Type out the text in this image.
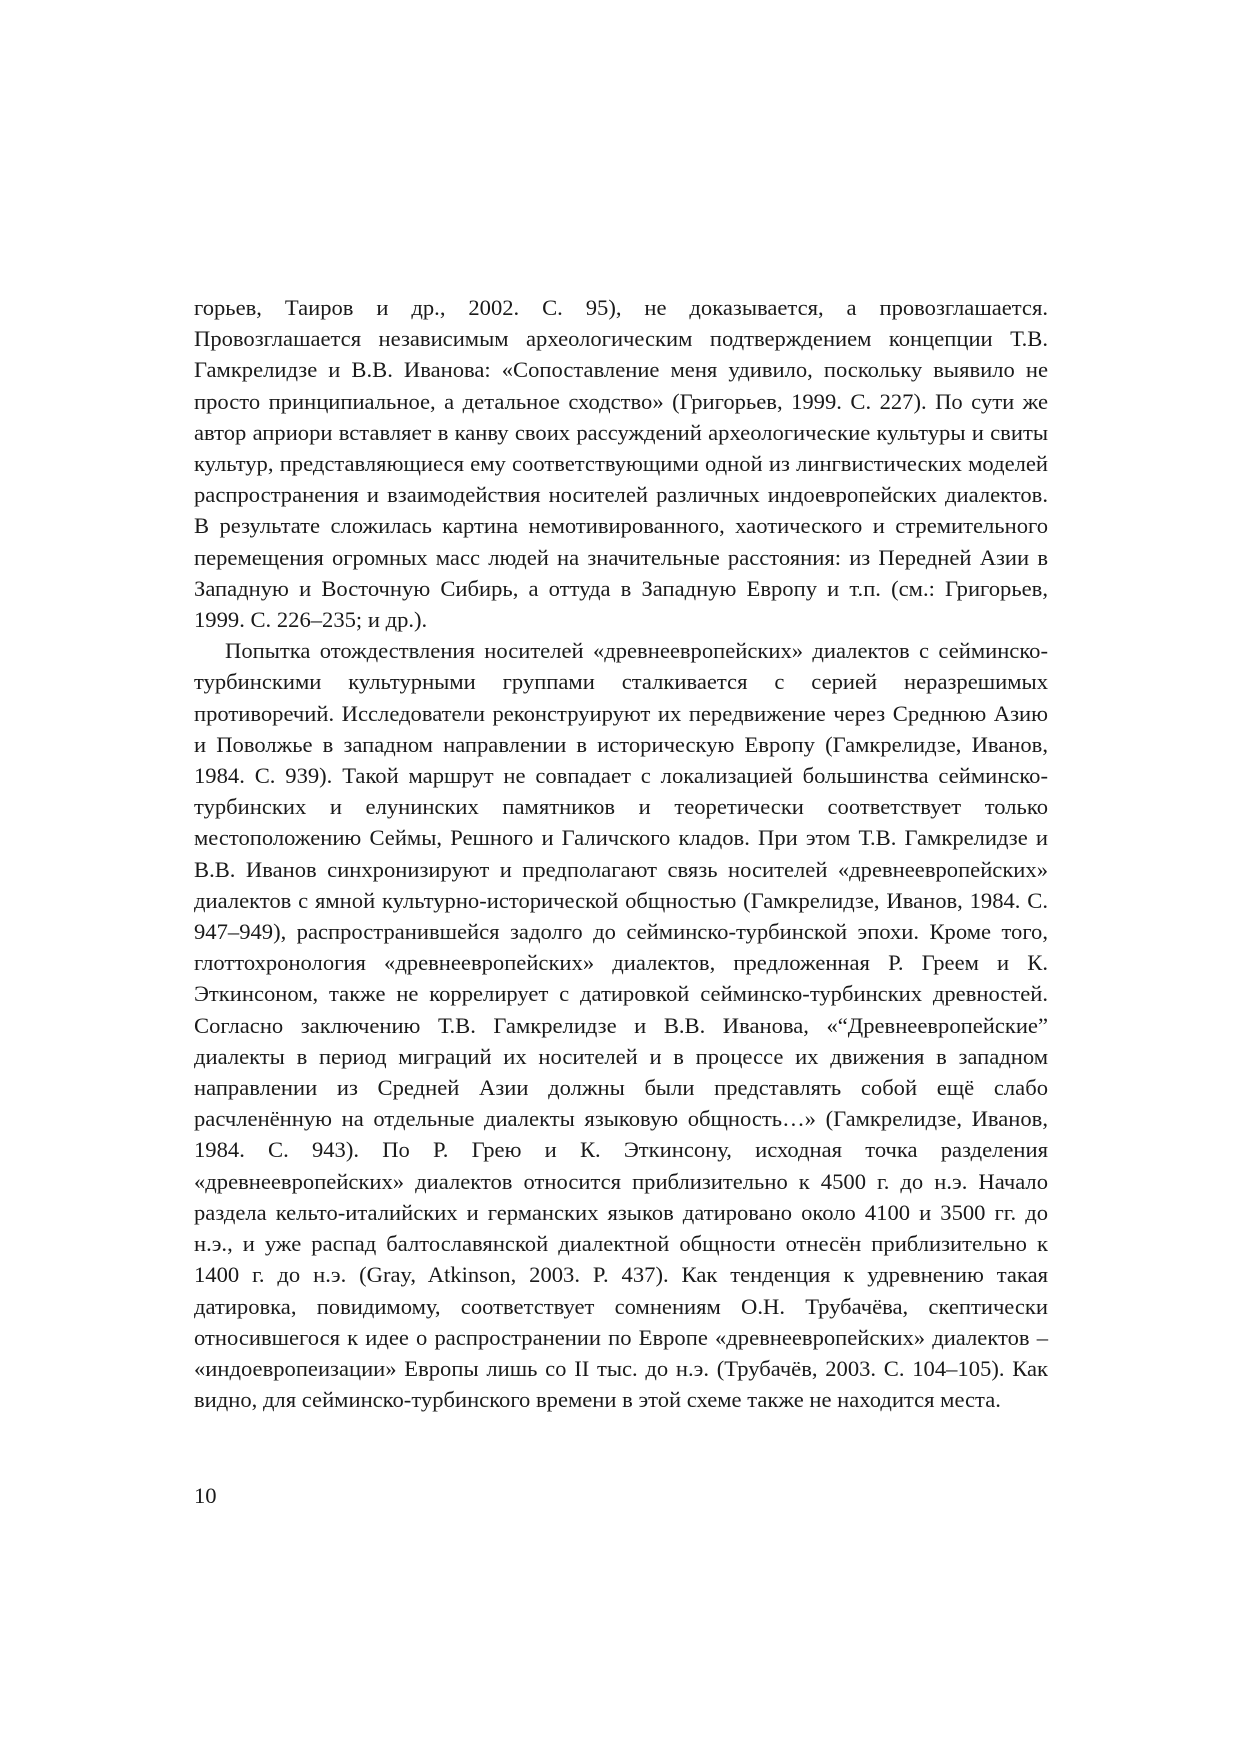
горьев, Таиров и др., 2002. С. 95), не доказывается, а провозглашается. Провозглашается независимым археологическим подтверждением концепции Т.В. Гамкрелидзе и В.В. Иванова: «Сопоставление меня удивило, поскольку выявило не просто принципиальное, а детальное сходство» (Григорьев, 1999. С. 227). По сути же автор априори вставляет в канву своих рассуждений археологические культуры и свиты культур, представляющиеся ему соответствующими одной из лингвистических моделей распространения и взаимодействия носителей различных индоевропейских диалектов. В результате сложилась картина немотивированного, хаотического и стремительного перемещения огромных масс людей на значительные расстояния: из Передней Азии в Западную и Восточную Сибирь, а оттуда в Западную Европу и т.п. (см.: Григорьев, 1999. С. 226–235; и др.).

Попытка отождествления носителей «древнеевропейских» диалектов с сейминско-турбинскими культурными группами сталкивается с серией неразрешимых противоречий. Исследователи реконструируют их передвижение через Среднюю Азию и Поволжье в западном направлении в историческую Европу (Гамкрелидзе, Иванов, 1984. С. 939). Такой маршрут не совпадает с локализацией большинства сейминско-турбинских и елунинских памятников и теоретически соответствует только местоположению Сеймы, Решного и Галичского кладов. При этом Т.В. Гамкрелидзе и В.В. Иванов синхронизируют и предполагают связь носителей «древнеевропейских» диалектов с ямной культурно-исторической общностью (Гамкрелидзе, Иванов, 1984. С. 947–949), распространившейся задолго до сейминско-турбинской эпохи. Кроме того, глоттохронология «древнеевропейских» диалектов, предложенная Р. Греем и К. Эткинсоном, также не коррелирует с датировкой сейминско-турбинских древностей. Согласно заключению Т.В. Гамкрелидзе и В.В. Иванова, «“Древнеевропейские” диалекты в период миграций их носителей и в процессе их движения в западном направлении из Средней Азии должны были представлять собой ещё слабо расчленённую на отдельные диалекты языковую общность…» (Гамкрелидзе, Иванов, 1984. С. 943). По Р. Грею и К. Эткинсону, исходная точка разделения «древнеевропейских» диалектов относится приблизительно к 4500 г. до н.э. Начало раздела кельто-италийских и германских языков датировано около 4100 и 3500 гг. до н.э., и уже распад балтославянской диалектной общности отнесён приблизительно к 1400 г. до н.э. (Gray, Atkinson, 2003. P. 437). Как тенденция к удревнению такая датировка, повидимому, соответствует сомнениям О.Н. Трубачёва, скептически относившегося к идее о распространении по Европе «древнеевропейских» диалектов – «индоевропеизации» Европы лишь со II тыс. до н.э. (Трубачёв, 2003. С. 104–105). Как видно, для сейминско-турбинского времени в этой схеме также не находится места.

10
